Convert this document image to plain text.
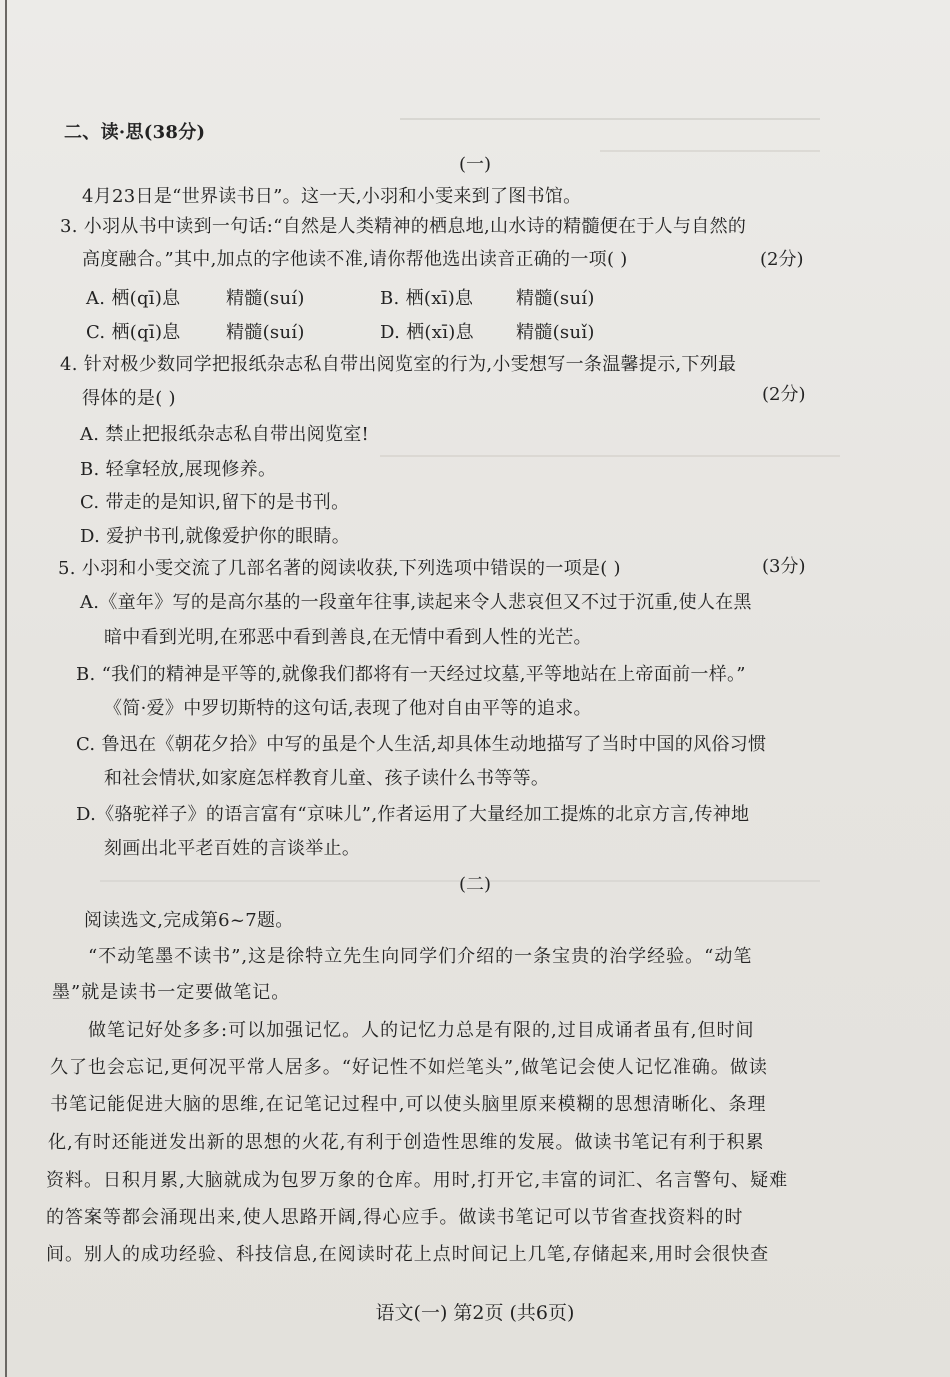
二、读·思(38分)
(一)
4月23日是“世界读书日”。这一天,小羽和小雯来到了图书馆。
3. 小羽从书中读到一句话:“自然是人类精神的栖息地,山水诗的精髓便在于人与自然的
高度融合。”其中,加点的字他读不准,请你帮他选出读音正确的一项( )	(2分)
A. 栖(qī)息	精髓(suí)	B. 栖(xī)息 精髓(suí)
C. 栖(qī)息	精髓(suí)	D. 栖(xī)息 精髓(suǐ)
4. 针对极少数同学把报纸杂志私自带出阅览室的行为,小雯想写一条温馨提示,下列最
得体的是( )	(2分)
A. 禁止把报纸杂志私自带出阅览室!
B. 轻拿轻放,展现修养。
C. 带走的是知识,留下的是书刊。
D. 爱护书刊,就像爱护你的眼睛。
5. 小羽和小雯交流了几部名著的阅读收获,下列选项中错误的一项是( )	(3分)
A.《童年》写的是高尔基的一段童年往事,读起来令人悲哀但又不过于沉重,使人在黑
暗中看到光明,在邪恶中看到善良,在无情中看到人性的光芒。
B. “我们的精神是平等的,就像我们都将有一天经过坟墓,平等地站在上帝面前一样。”
《简·爱》中罗切斯特的这句话,表现了他对自由平等的追求。
C. 鲁迅在《朝花夕拾》中写的虽是个人生活,却具体生动地描写了当时中国的风俗习惯
和社会情状,如家庭怎样教育儿童、孩子读什么书等等。
D.《骆驼祥子》的语言富有“京味儿”,作者运用了大量经加工提炼的北京方言,传神地
刻画出北平老百姓的言谈举止。
(二)
阅读选文,完成第6~7题。
“不动笔墨不读书”,这是徐特立先生向同学们介绍的一条宝贵的治学经验。“动笔
墨”就是读书一定要做笔记。
做笔记好处多多:可以加强记忆。人的记忆力总是有限的,过目成诵者虽有,但时间
久了也会忘记,更何况平常人居多。“好记性不如烂笔头”,做笔记会使人记忆准确。做读
书笔记能促进大脑的思维,在记笔记过程中,可以使头脑里原来模糊的思想清晰化、条理
化,有时还能迸发出新的思想的火花,有利于创造性思维的发展。做读书笔记有利于积累
资料。日积月累,大脑就成为包罗万象的仓库。用时,打开它,丰富的词汇、名言警句、疑难
的答案等都会涌现出来,使人思路开阔,得心应手。做读书笔记可以节省查找资料的时
间。别人的成功经验、科技信息,在阅读时花上点时间记上几笔,存储起来,用时会很快查
语文(一) 第2页 (共6页)
